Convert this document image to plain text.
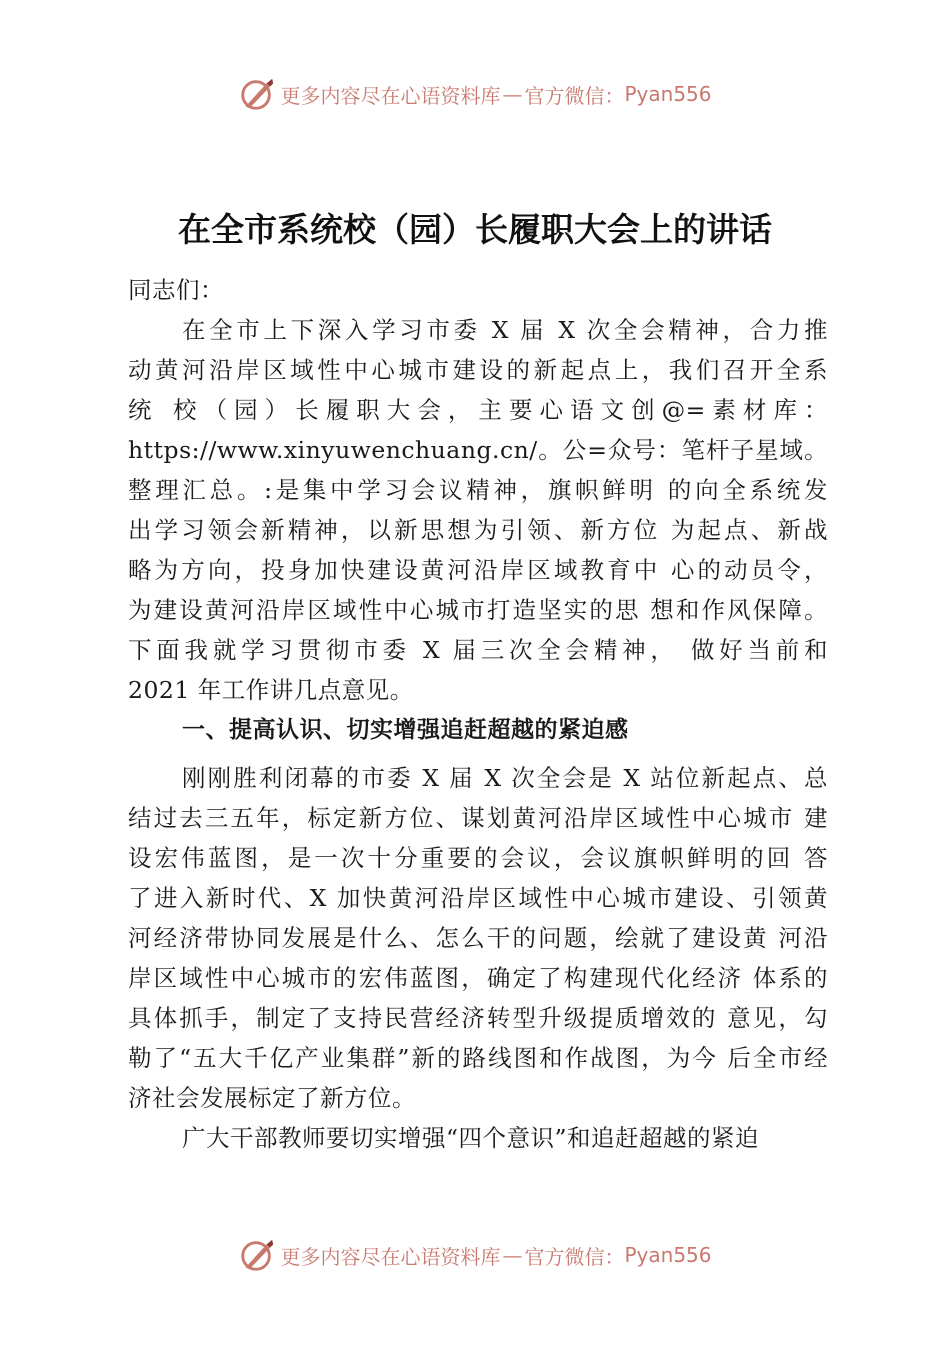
更多内容尽在心语资料库 — 官方微信： Pyan556
在全市系统校（园）长履职大会上的讲话
同志们：
在全市上下深入学习市委 X 届 X 次全会精神，合力推
动黄河沿岸区域性中心城市建设的新起点上，我们召开全系
统 校（园）长履职大会，主要心语文创@=素材库：
https://www.xinyuwenchuang.cn/。公=众号：笔杆子星域。
整理汇总。:是集中学习会议精神，旗帜鲜明 的向全系统发
出学习领会新精神，以新思想为引领、新方位 为起点、新战
略为方向，投身加快建设黄河沿岸区域教育中 心的动员令，
为建设黄河沿岸区域性中心城市打造坚实的思 想和作风保障。
下面我就学习贯彻市委 X 届三次全会精神， 做好当前和
2021 年工作讲几点意见。
一、提高认识、切实增强追赶超越的紧迫感
刚刚胜利闭幕的市委 X 届 X 次全会是 X 站位新起点、总
结过去三五年，标定新方位、谋划黄河沿岸区域性中心城市 建
设宏伟蓝图，是一次十分重要的会议，会议旗帜鲜明的回 答
了进入新时代、X 加快黄河沿岸区域性中心城市建设、引领黄
河经济带协同发展是什么、怎么干的问题，绘就了建设黄 河沿
岸区域性中心城市的宏伟蓝图，确定了构建现代化经济 体系的
具体抓手，制定了支持民营经济转型升级提质增效的 意见，勾
勒了“五大千亿产业集群”新的路线图和作战图，为今 后全市经
济社会发展标定了新方位。
广大干部教师要切实增强“四个意识”和追赶超越的紧迫
更多内容尽在心语资料库 — 官方微信： Pyan556
